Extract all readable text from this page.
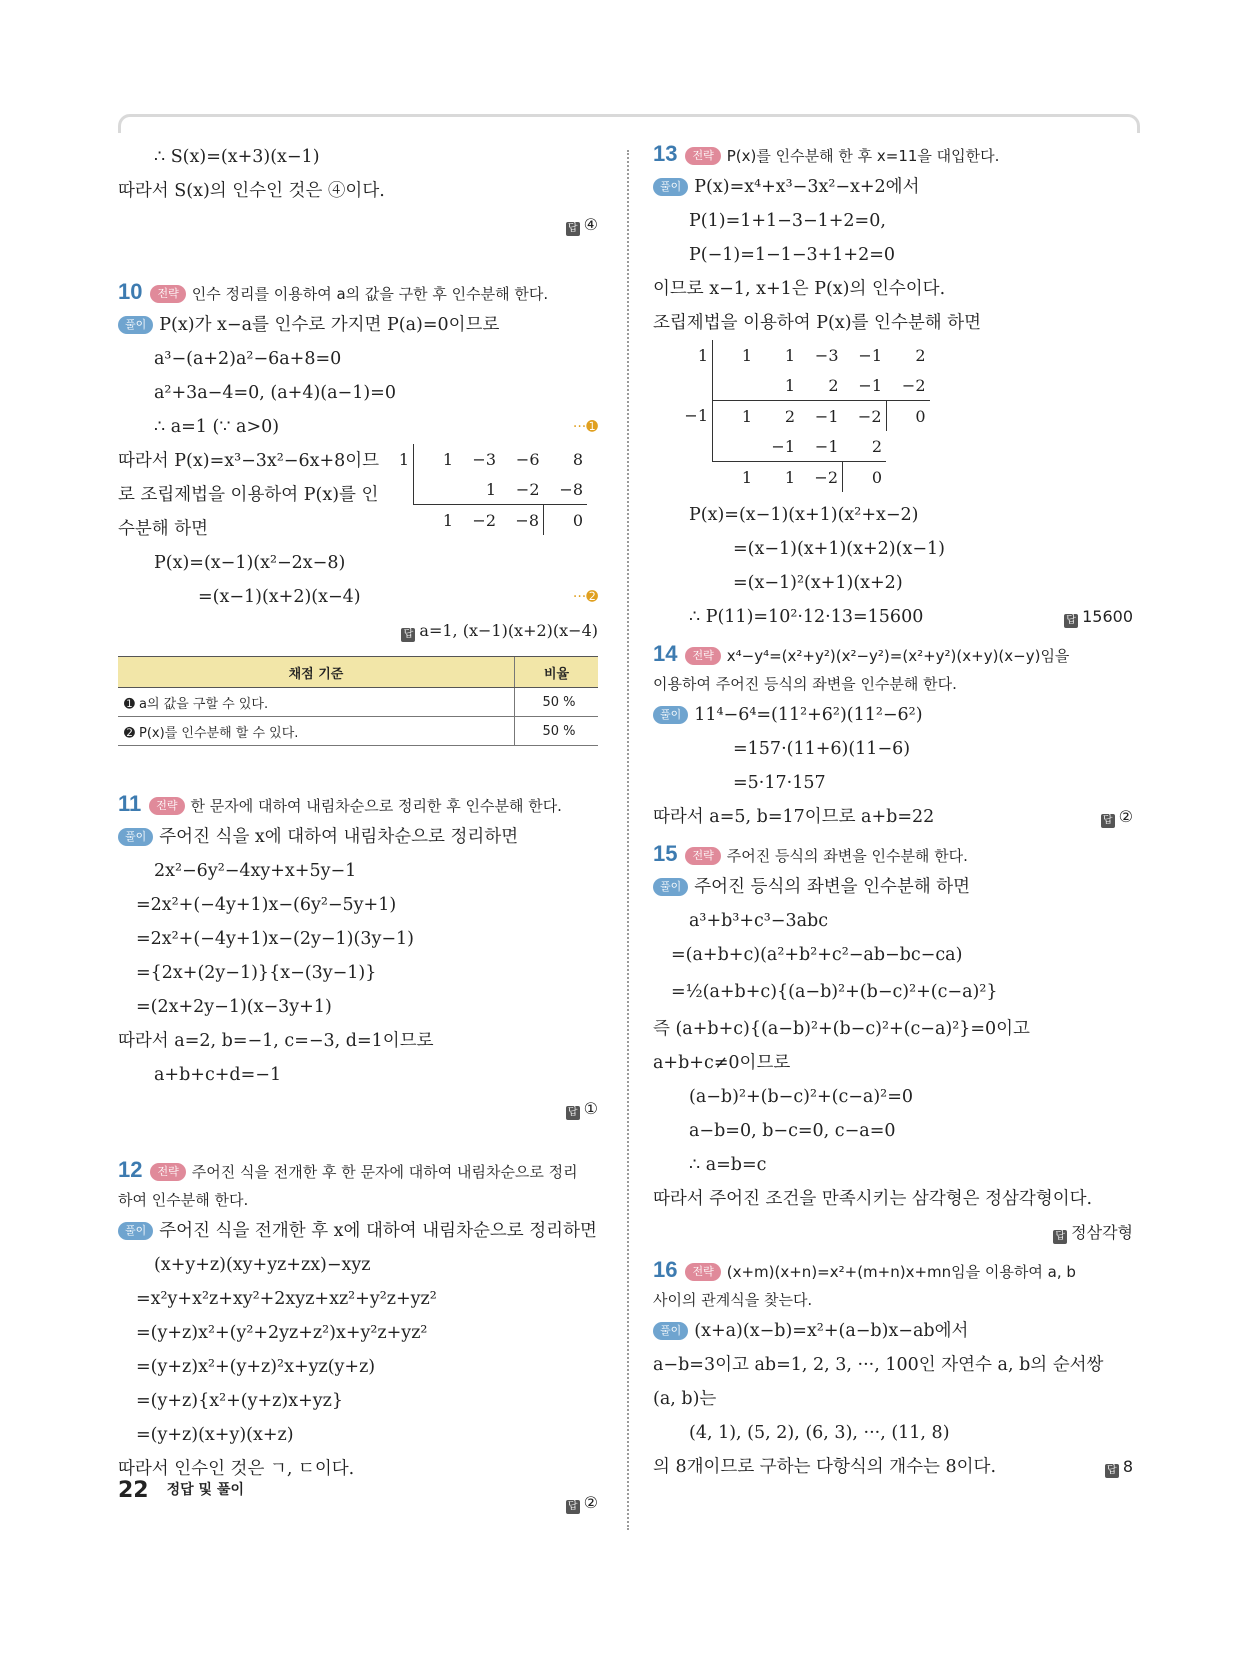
∴ S(x)=(x+3)(x−1)
따라서 S(x)의 인수인 것은 ④이다.
답 ④
10 전략 인수 정리를 이용하여 a의 값을 구한 후 인수분해 한다.
풀이 P(x)가 x−a를 인수로 가지면 P(a)=0이므로
a³−(a+2)a²−6a+8=0
a²+3a−4=0, (a+4)(a−1)=0
∴ a=1 (∵ a>0)	···➊
따라서 P(x)=x³−3x²−6x+8이므
로 조립제법을 이용하여 P(x)를 인
수분해 하면
1	1	−3	−6	8
		1	−2	−8
	1	−2	−8	0
P(x)=(x−1)(x²−2x−8)
=(x−1)(x+2)(x−4)	···➋
답 a=1, (x−1)(x+2)(x−4)
채점 기준	비율
➊ a의 값을 구할 수 있다.	50 %
➋ P(x)를 인수분해 할 수 있다.	50 %
11 전략 한 문자에 대하여 내림차순으로 정리한 후 인수분해 한다.
풀이 주어진 식을 x에 대하여 내림차순으로 정리하면
2x²−6y²−4xy+x+5y−1
=2x²+(−4y+1)x−(6y²−5y+1)
=2x²+(−4y+1)x−(2y−1)(3y−1)
={2x+(2y−1)}{x−(3y−1)}
=(2x+2y−1)(x−3y+1)
따라서 a=2, b=−1, c=−3, d=1이므로
a+b+c+d=−1
답 ①
12 전략 주어진 식을 전개한 후 한 문자에 대하여 내림차순으로 정리
하여 인수분해 한다.
풀이 주어진 식을 전개한 후 x에 대하여 내림차순으로 정리하면
(x+y+z)(xy+yz+zx)−xyz
=x²y+x²z+xy²+2xyz+xz²+y²z+yz²
=(y+z)x²+(y²+2yz+z²)x+y²z+yz²
=(y+z)x²+(y+z)²x+yz(y+z)
=(y+z){x²+(y+z)x+yz}
=(y+z)(x+y)(x+z)
따라서 인수인 것은 ㄱ, ㄷ이다.
답 ②
13 전략 P(x)를 인수분해 한 후 x=11을 대입한다.
풀이 P(x)=x⁴+x³−3x²−x+2에서
P(1)=1+1−3−1+2=0,
P(−1)=1−1−3+1+2=0
이므로 x−1, x+1은 P(x)의 인수이다.
조립제법을 이용하여 P(x)를 인수분해 하면
1	1	1	−3	−1	2
		1	2	−1	−2
−1	1	2	−1	−2	0
		−1	−1	2	
	1	1	−2	0	
P(x)=(x−1)(x+1)(x²+x−2)
=(x−1)(x+1)(x+2)(x−1)
=(x−1)²(x+1)(x+2)
∴ P(11)=10²·12·13=15600	답 15600
14 전략 x⁴−y⁴=(x²+y²)(x²−y²)=(x²+y²)(x+y)(x−y)임을
이용하여 주어진 등식의 좌변을 인수분해 한다.
풀이 11⁴−6⁴=(11²+6²)(11²−6²)
=157·(11+6)(11−6)
=5·17·157
따라서 a=5, b=17이므로 a+b=22	답 ②
15 전략 주어진 등식의 좌변을 인수분해 한다.
풀이 주어진 등식의 좌변을 인수분해 하면
a³+b³+c³−3abc
=(a+b+c)(a²+b²+c²−ab−bc−ca)
=½(a+b+c){(a−b)²+(b−c)²+(c−a)²}
즉 (a+b+c){(a−b)²+(b−c)²+(c−a)²}=0이고
a+b+c≠0이므로
(a−b)²+(b−c)²+(c−a)²=0
a−b=0, b−c=0, c−a=0
∴ a=b=c
따라서 주어진 조건을 만족시키는 삼각형은 정삼각형이다.
답 정삼각형
16 전략 (x+m)(x+n)=x²+(m+n)x+mn임을 이용하여 a, b
사이의 관계식을 찾는다.
풀이 (x+a)(x−b)=x²+(a−b)x−ab에서
a−b=3이고 ab=1, 2, 3, ···, 100인 자연수 a, b의 순서쌍
(a, b)는
(4, 1), (5, 2), (6, 3), ···, (11, 8)
의 8개이므로 구하는 다항식의 개수는 8이다.	답 8
22 정답 및 풀이
